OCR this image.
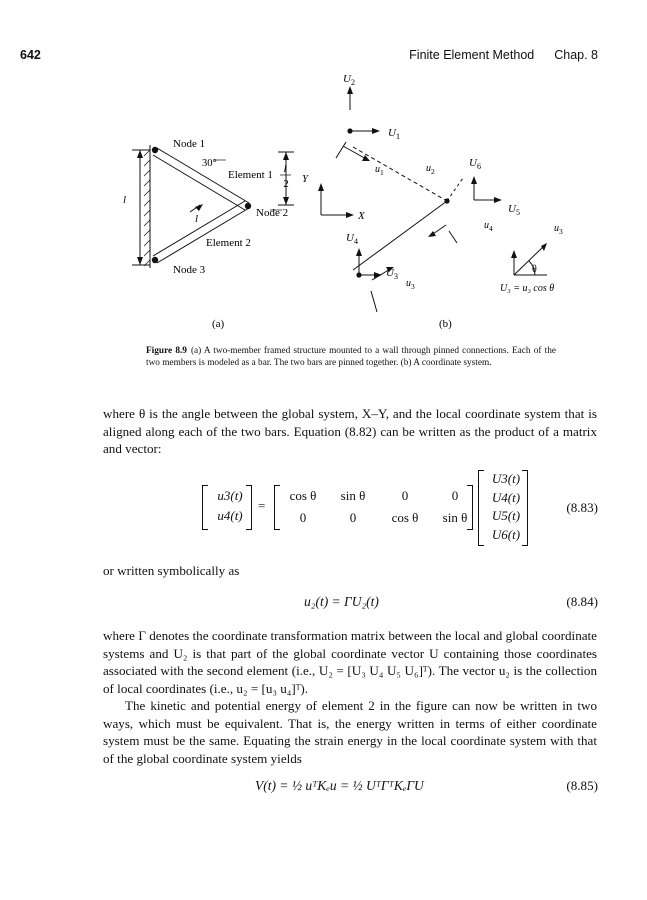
642	Finite Element Method Chap. 8
Node 1
30°
Element 1 l
2
Node 2
l
l
Element 2
Node 3
(a)
Y
X
$U_2$
$U_1$
$u_1$	$u_2$
$U_6$
$U_5$
$u_4$
$U_4$
$U_3$
$u_3$
$u_3$
θ
U₃ = u₃ cos θ
(b)
Figure 8.9 (a) A two-member framed structure mounted to a wall through pinned connections. Each of the two members is modeled as a bar. The two bars are pinned together. (b) A coordinate system.

where θ is the angle between the global system, X–Y, and the local coordinate system that is aligned along each of the two bars. Equation (8.82) can be written as the product of a matrix and vector:

u3(t)
u4(t)
=
cos θ	sin θ	0	0
0	0	cos θ	sin θ
U3(t)
U4(t)
U5(t)
U6(t)
(8.83)

or written symbolically as

u₂(t) = ΓU₂(t)	(8.84)

where Γ denotes the coordinate transformation matrix between the local and global coordinate systems and U₂ is that part of the global coordinate vector U containing those coordinates associated with the second element (i.e., U₂ = [U₃ U₄ U₅ U₆]ᵀ). The vector u₂ is the collection of local coordinates (i.e., u₂ = [u₃ u₄]ᵀ).

The kinetic and potential energy of element 2 in the figure can now be written in two ways, which must be equivalent. That is, the energy written in terms of either coordinate system must be the same. Equating the strain energy in the local coordinate system with that of the global coordinate system yields

V(t) = ½ uᵀKₑu = ½ UᵀΓᵀKₑΓU	(8.85)
